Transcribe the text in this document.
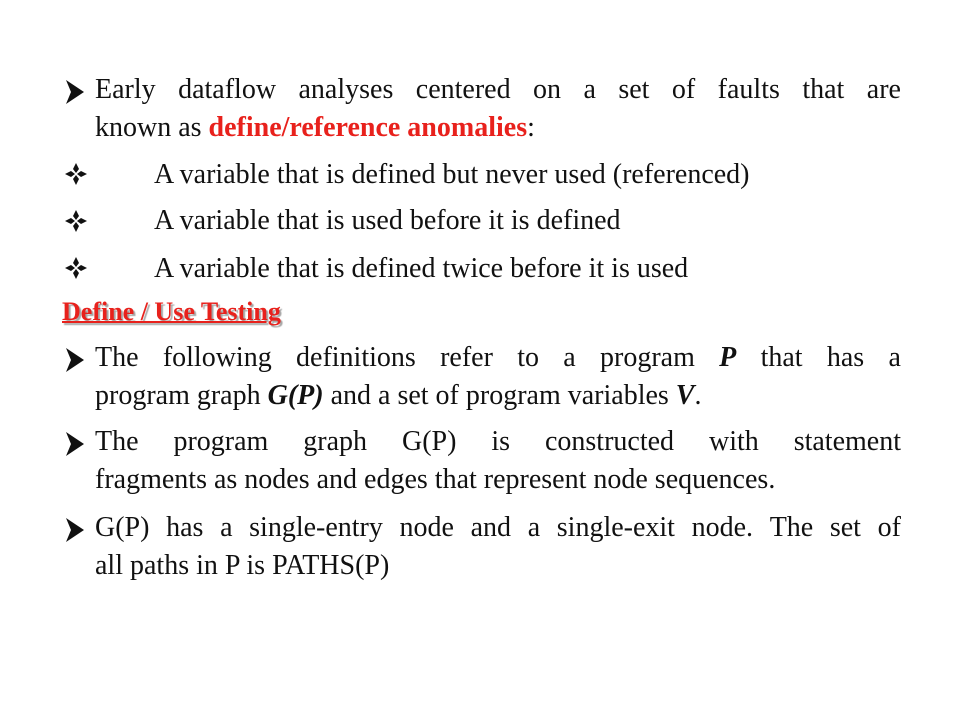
Early dataflow analyses centered on a set of faults that are
known as define/reference anomalies:
A variable that is defined but never used (referenced)
A variable that is used before it is defined
A variable that is defined twice before it is used
Define / Use Testing
The following definitions refer to a program P that has a
program graph G(P) and a set of program variables V.
The program graph G(P) is constructed with statement
fragments as nodes and edges that represent node sequences.
G(P) has a single-entry node and a single-exit node. The set of
all paths in P is PATHS(P)
